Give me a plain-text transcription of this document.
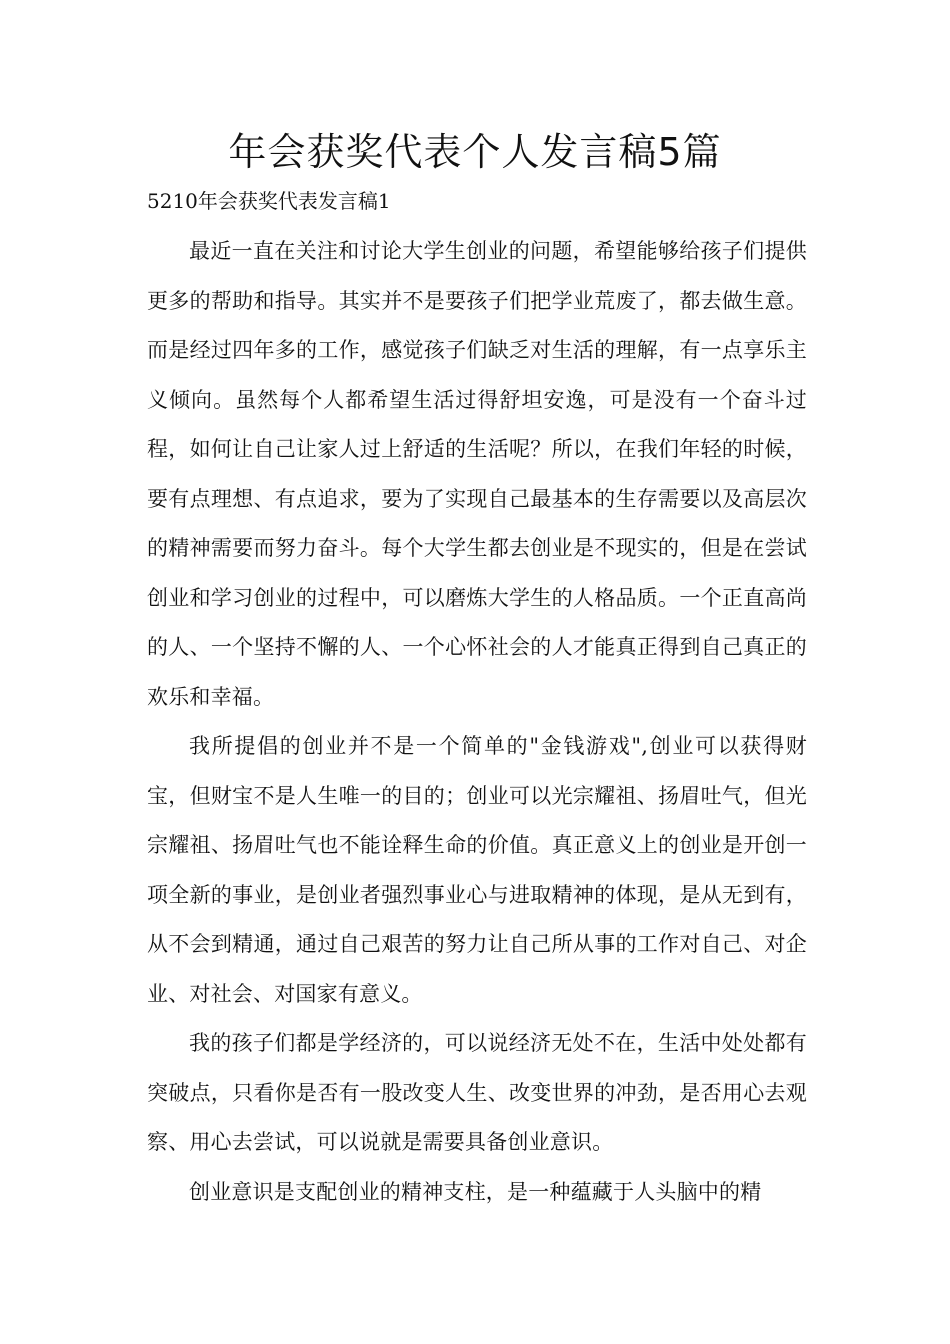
年会获奖代表个人发言稿5篇
5210年会获奖代表发言稿1

最近一直在关注和讨论大学生创业的问题，希望能够给孩子们提供更多的帮助和指导。其实并不是要孩子们把学业荒废了，都去做生意。而是经过四年多的工作，感觉孩子们缺乏对生活的理解，有一点享乐主义倾向。虽然每个人都希望生活过得舒坦安逸，可是没有一个奋斗过程，如何让自己让家人过上舒适的生活呢？所以，在我们年轻的时候，要有点理想、有点追求，要为了实现自己最基本的生存需要以及高层次的精神需要而努力奋斗。每个大学生都去创业是不现实的，但是在尝试创业和学习创业的过程中，可以磨炼大学生的人格品质。一个正直高尚的人、一个坚持不懈的人、一个心怀社会的人才能真正得到自己真正的欢乐和幸福。

我所提倡的创业并不是一个简单的"金钱游戏",创业可以获得财宝，但财宝不是人生唯一的目的；创业可以光宗耀祖、扬眉吐气，但光宗耀祖、扬眉吐气也不能诠释生命的价值。真正意义上的创业是开创一项全新的事业，是创业者强烈事业心与进取精神的体现，是从无到有，从不会到精通，通过自己艰苦的努力让自己所从事的工作对自己、对企业、对社会、对国家有意义。

我的孩子们都是学经济的，可以说经济无处不在，生活中处处都有突破点，只看你是否有一股改变人生、改变世界的冲劲，是否用心去观察、用心去尝试，可以说就是需要具备创业意识。

创业意识是支配创业的精神支柱，是一种蕴藏于人头脑中的精
